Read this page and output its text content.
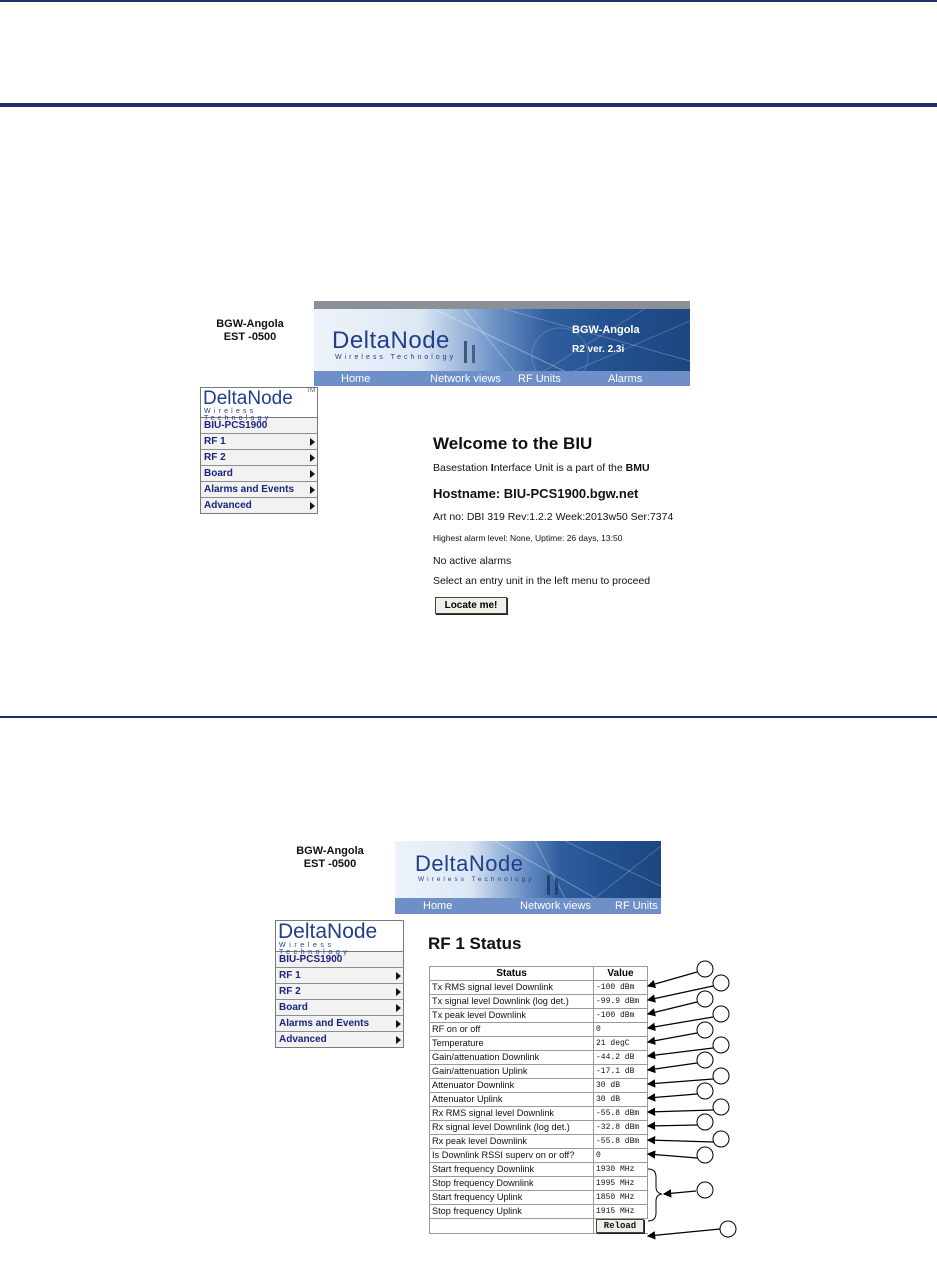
BGW-Angola
EST -0500	DeltaNode
Wireless Technology
BGW-Angola
R2 ver. 2.3i
Home	Network views RF Units	Alarms
DeltaNode
Wireless Technology
TM
BIU-PCS1900
RF 1
RF 2
Board
Alarms and Events
Advanced
Welcome to the BIU
Basestation Interface Unit is a part of the BMU
Hostname: BIU-PCS1900.bgw.net
Art no: DBI 319 Rev:1.2.2 Week:2013w50 Ser:7374
Highest alarm level: None, Uptime: 26 days, 13:50
No active alarms
Select an entry unit in the left menu to proceed
Locate me!
BGW-Angola
EST -0500	DeltaNode
Wireless Technology
Home	Network views RF Units
DeltaNode
Wireless Technology
BIU-PCS1900
RF 1
RF 2
Board
Alarms and Events
Advanced
RF 1 Status
Status	Value
Tx RMS signal level Downlink	-100 dBm
Tx signal level Downlink (log det.)	-99.9 dBm
Tx peak level Downlink	-100 dBm
RF on or off	0
Temperature	21 degC
Gain/attenuation Downlink	-44.2 dB
Gain/attenuation Uplink	-17.1 dB
Attenuator Downlink	30 dB
Attenuator Uplink	30 dB
Rx RMS signal level Downlink	-55.8 dBm
Rx signal level Downlink (log det.)	-32.8 dBm
Rx peak level Downlink	-55.8 dBm
Is Downlink RSSI superv on or off?	0
Start frequency Downlink	1930 MHz
Stop frequency Downlink	1995 MHz
Start frequency Uplink	1850 MHz
Stop frequency Uplink	1915 MHz
	Reload
